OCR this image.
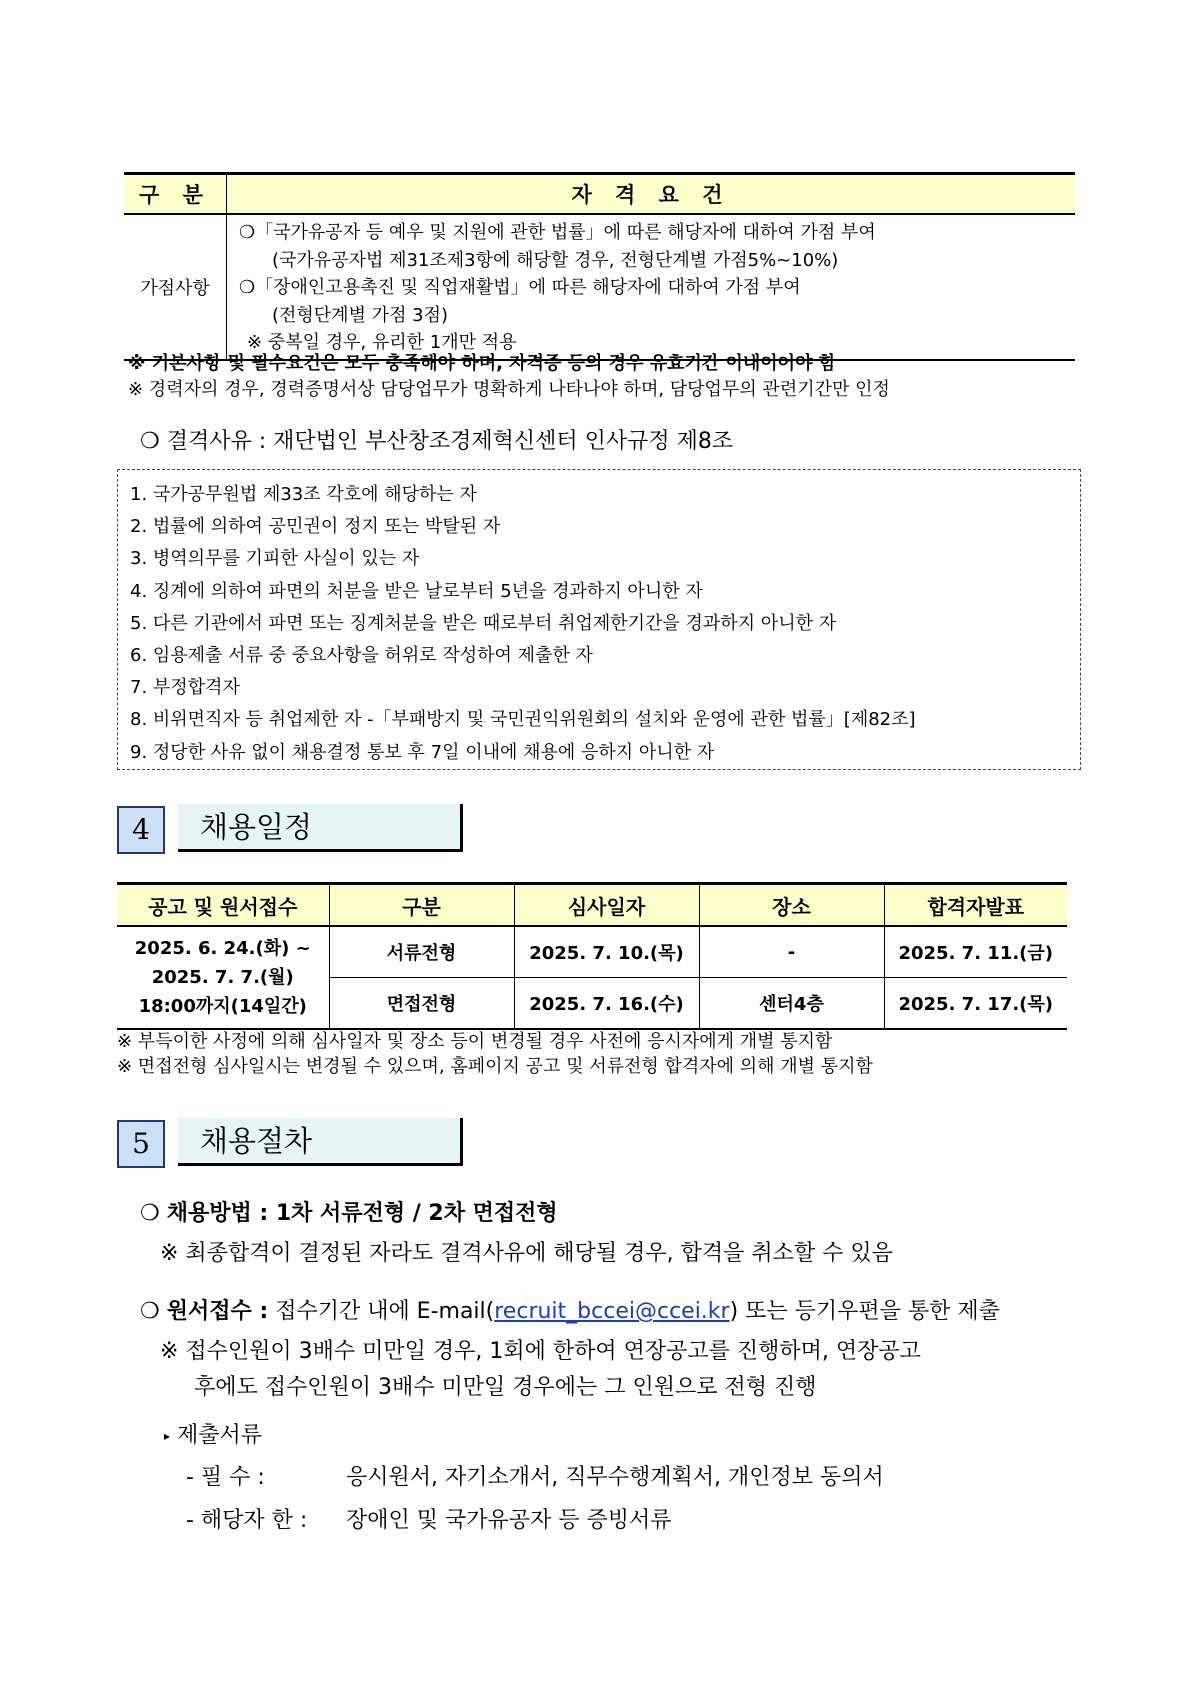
구 분	자 격 요 건
가점사항	❍「국가유공자 등 예우 및 지원에 관한 법률」에 따른 해당자에 대하여 가점 부여
(국가유공자법 제31조제3항에 해당할 경우, 전형단계별 가점5%~10%)
❍「장애인고용촉진 및 직업재활법」에 따른 해당자에 대하여 가점 부여
(전형단계별 가점 3점)
※ 중복일 경우, 유리한 1개만 적용
※ 기본사항 및 필수요건은 모두 충족해야 하며, 자격증 등의 경우 유효기간 이내이어야 함
※ 경력자의 경우, 경력증명서상 담당업무가 명확하게 나타나야 하며, 담당업무의 관련기간만 인정
❍ 결격사유 : 재단법인 부산창조경제혁신센터 인사규정 제8조
1. 국가공무원법 제33조 각호에 해당하는 자
2. 법률에 의하여 공민권이 정지 또는 박탈된 자
3. 병역의무를 기피한 사실이 있는 자
4. 징계에 의하여 파면의 처분을 받은 날로부터 5년을 경과하지 아니한 자
5. 다른 기관에서 파면 또는 징계처분을 받은 때로부터 취업제한기간을 경과하지 아니한 자
6. 임용제출 서류 중 중요사항을 허위로 작성하여 제출한 자
7. 부정합격자
8. 비위면직자 등 취업제한 자 -「부패방지 및 국민권익위원회의 설치와 운영에 관한 법률」[제82조]
9. 정당한 사유 없이 채용결정 통보 후 7일 이내에 채용에 응하지 아니한 자
4	채용일정
공고 및 원서접수	구분	심사일자	장소	합격자발표

2025. 6. 24.(화) ~
2025. 7. 7.(월)
18:00까지(14일간)	서류전형	2025. 7. 10.(목)	-	2025. 7. 11.(금)
	면접전형	2025. 7. 16.(수)	센터4층	2025. 7. 17.(목)
※ 부득이한 사정에 의해 심사일자 및 장소 등이 변경될 경우 사전에 응시자에게 개별 통지함
※ 면접전형 심사일시는 변경될 수 있으며, 홈페이지 공고 및 서류전형 합격자에 의해 개별 통지함
5	채용절차
❍ 채용방법 : 1차 서류전형 / 2차 면접전형
※ 최종합격이 결정된 자라도 결격사유에 해당될 경우, 합격을 취소할 수 있음
❍ 원서접수 : 접수기간 내에 E-mail(recruit_bccei@ccei.kr) 또는 등기우편을 통한 제출
※ 접수인원이 3배수 미만일 경우, 1회에 한하여 연장공고를 진행하며, 연장공고
후에도 접수인원이 3배수 미만일 경우에는 그 인원으로 전형 진행
▸ 제출서류
- 필 수 :	응시원서, 자기소개서, 직무수행계획서, 개인정보 동의서
- 해당자 한 : 장애인 및 국가유공자 등 증빙서류
